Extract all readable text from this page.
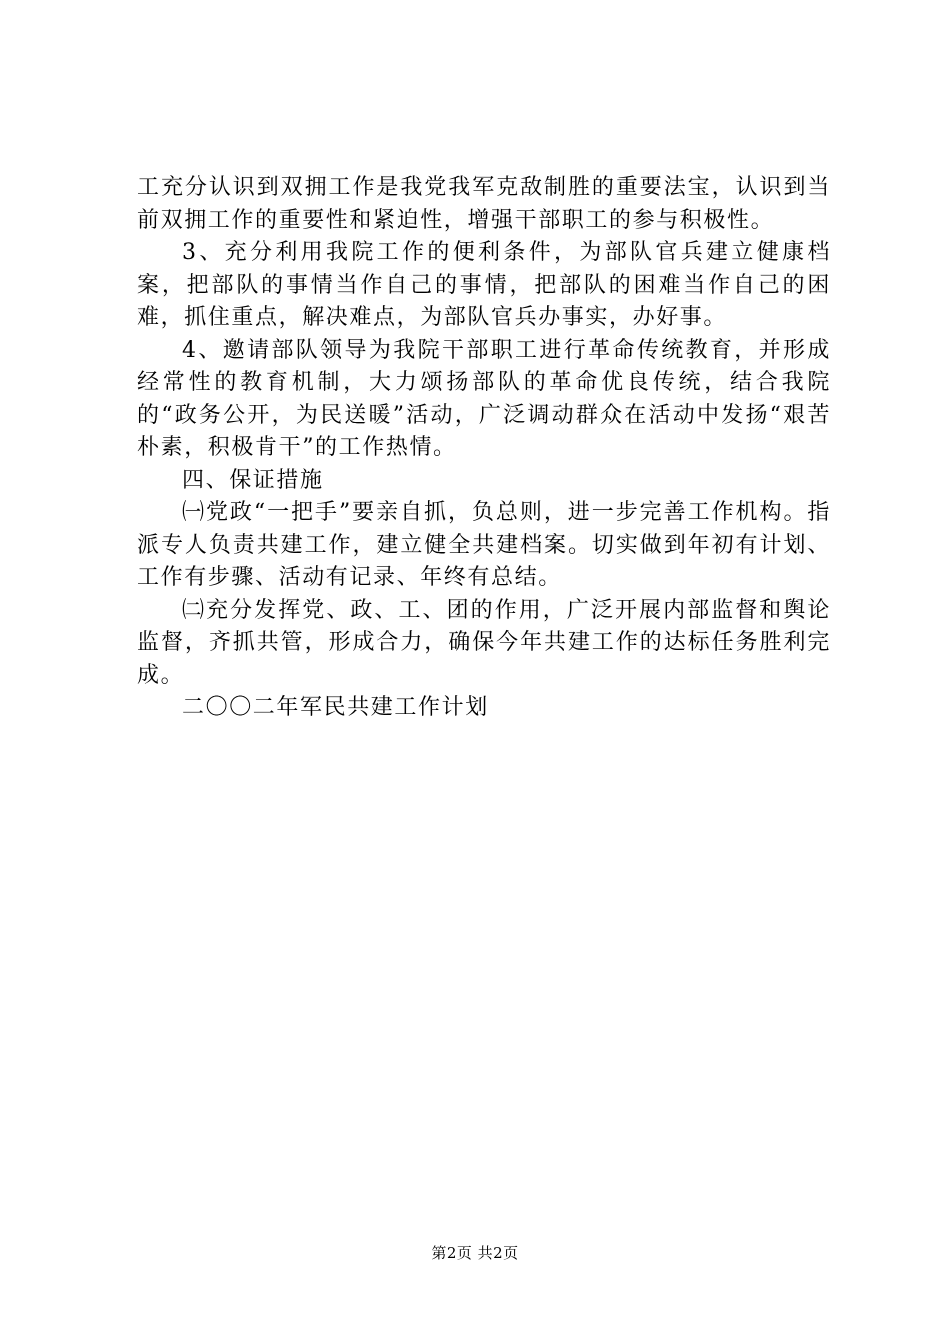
工充分认识到双拥工作是我党我军克敌制胜的重要法宝，认识到当前双拥工作的重要性和紧迫性，增强干部职工的参与积极性。

3、充分利用我院工作的便利条件，为部队官兵建立健康档案，把部队的事情当作自己的事情，把部队的困难当作自己的困难，抓住重点，解决难点，为部队官兵办事实，办好事。

4、邀请部队领导为我院干部职工进行革命传统教育，并形成经常性的教育机制，大力颂扬部队的革命优良传统，结合我院的“政务公开，为民送暖”活动，广泛调动群众在活动中发扬“艰苦朴素，积极肯干”的工作热情。

四、保证措施

㈠党政“一把手”要亲自抓，负总则，进一步完善工作机构。指派专人负责共建工作，建立健全共建档案。切实做到年初有计划、工作有步骤、活动有记录、年终有总结。

㈡充分发挥党、政、工、团的作用，广泛开展内部监督和舆论监督，齐抓共管，形成合力，确保今年共建工作的达标任务胜利完成。

二〇〇二年军民共建工作计划

第2页 共2页
